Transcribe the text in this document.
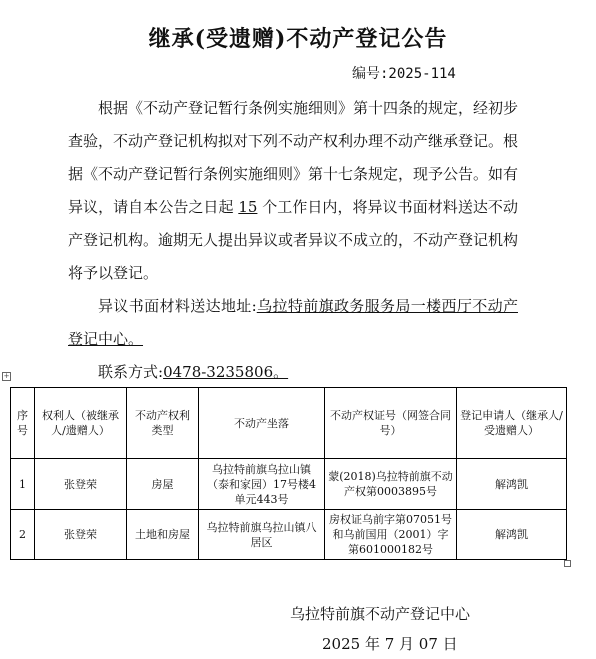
继承(受遗赠)不动产登记公告
编号:2025-114

根据《不动产登记暂行条例实施细则》第十四条的规定，经初步查验，不动产登记机构拟对下列不动产权利办理不动产继承登记。根据《不动产登记暂行条例实施细则》第十七条规定，现予公告。如有异议，请自本公告之日起 15 个工作日内，将异议书面材料送达不动产登记机构。逾期无人提出异议或者异议不成立的，不动产登记机构将予以登记。

异议书面材料送达地址:乌拉特前旗政务服务局一楼西厅不动产登记中心。

联系方式:0478-3235806。

+
序号	权利人（被继承人/遗赠人）	不动产权利类型	不动产坐落	不动产权证号（网签合同号）	登记申请人（继承人/受遗赠人）
1	张登荣	房屋	乌拉特前旗乌拉山镇（泰和家园）17号楼4单元443号	蒙(2018)乌拉特前旗不动产权第0003895号	解鸿凯
2	张登荣	土地和房屋	乌拉特前旗乌拉山镇八居区	房权证乌前字第07051号和乌前国用（2001）字第601000182号	解鸿凯
乌拉特前旗不动产登记中心
2025 年 7 月 07 日
